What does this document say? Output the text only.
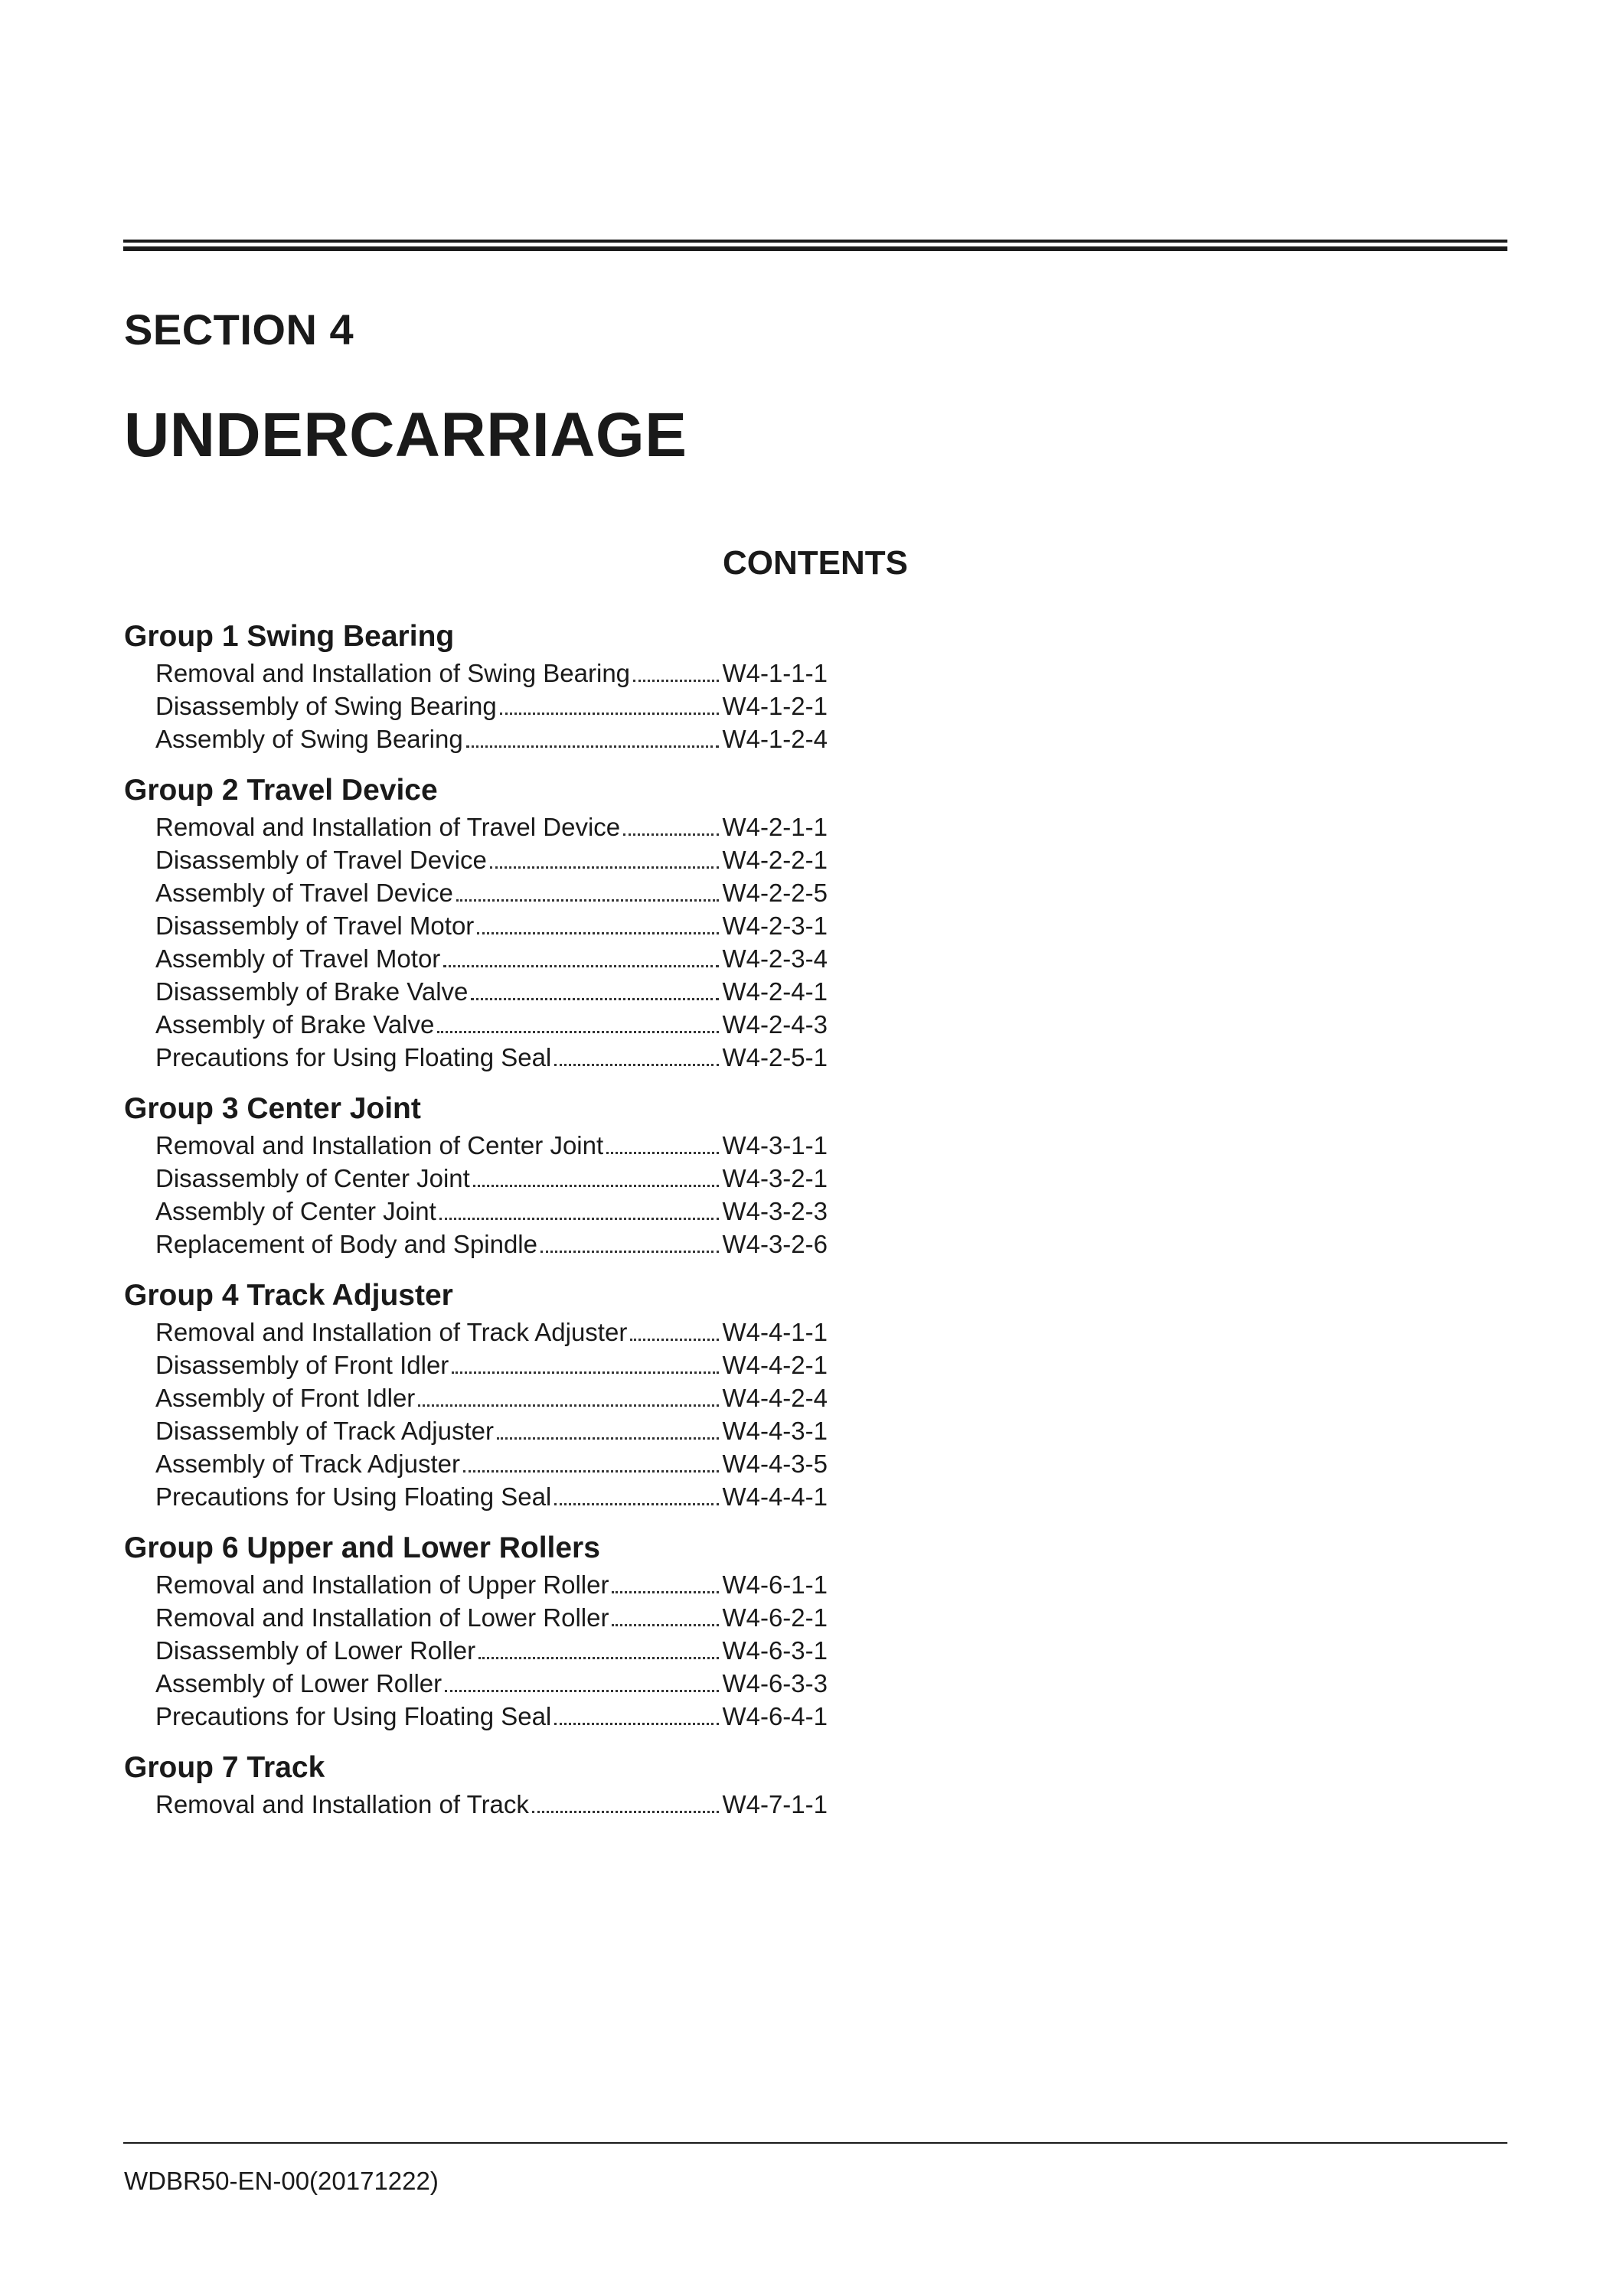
SECTION 4
UNDERCARRIAGE
CONTENTS
Group 1 Swing Bearing
Removal and Installation of Swing Bearing	W4-1-1-1
Disassembly of Swing Bearing	W4-1-2-1
Assembly of Swing Bearing	W4-1-2-4
Group 2 Travel Device
Removal and Installation of Travel Device	W4-2-1-1
Disassembly of Travel Device	W4-2-2-1
Assembly of Travel Device	W4-2-2-5
Disassembly of Travel Motor	W4-2-3-1
Assembly of Travel Motor	W4-2-3-4
Disassembly of Brake Valve	W4-2-4-1
Assembly of Brake Valve	W4-2-4-3
Precautions for Using Floating Seal	W4-2-5-1
Group 3 Center Joint
Removal and Installation of Center Joint	W4-3-1-1
Disassembly of Center Joint	W4-3-2-1
Assembly of Center Joint	W4-3-2-3
Replacement of Body and Spindle	W4-3-2-6
Group 4 Track Adjuster
Removal and Installation of Track Adjuster	W4-4-1-1
Disassembly of Front Idler	W4-4-2-1
Assembly of Front Idler	W4-4-2-4
Disassembly of Track Adjuster	W4-4-3-1
Assembly of Track Adjuster	W4-4-3-5
Precautions for Using Floating Seal	W4-4-4-1
Group 6 Upper and Lower Rollers
Removal and Installation of Upper Roller	W4-6-1-1
Removal and Installation of Lower Roller	W4-6-2-1
Disassembly of Lower Roller	W4-6-3-1
Assembly of Lower Roller	W4-6-3-3
Precautions for Using Floating Seal	W4-6-4-1
Group 7 Track
Removal and Installation of Track	W4-7-1-1
WDBR50-EN-00(20171222)
